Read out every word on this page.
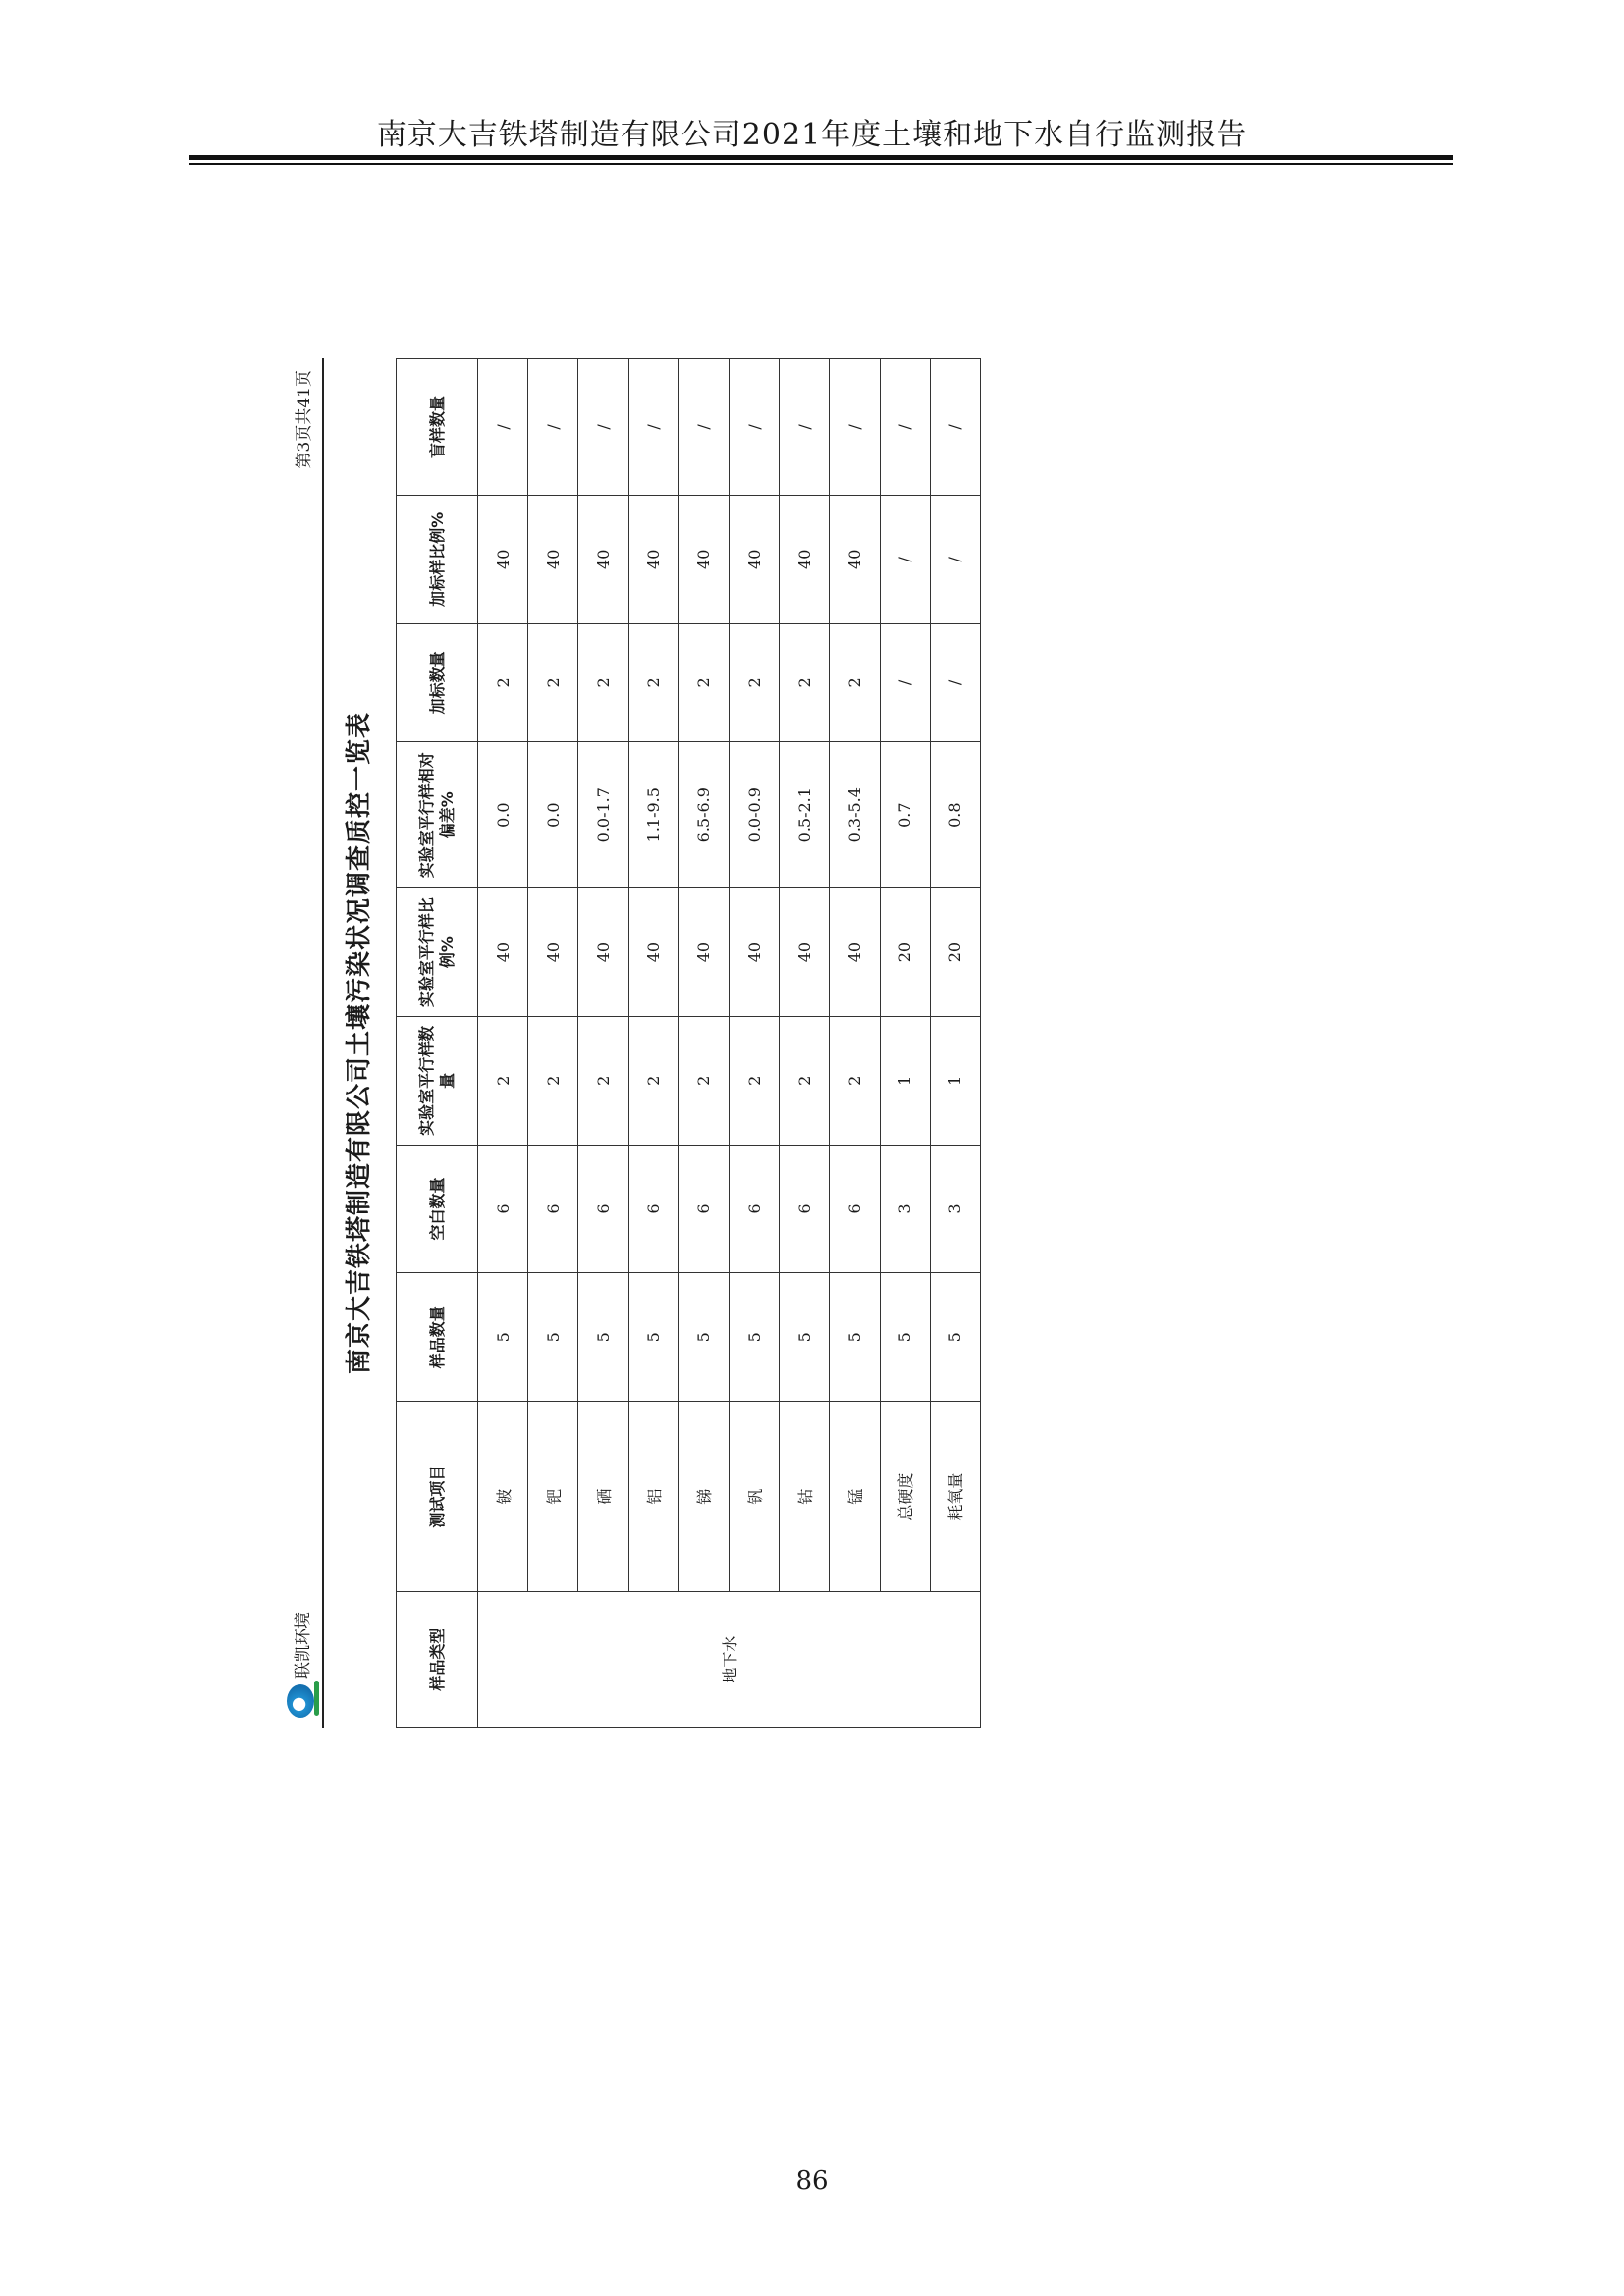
南京大吉铁塔制造有限公司2021年度土壤和地下水自行监测报告
联凯环境
第3页共41页
南京大吉铁塔制造有限公司土壤污染状况调查质控一览表
样品类型	测试项目	样品数量	空白数量	实验室平行样数量	实验室平行样比例%	实验室平行样相对偏差%	加标数量	加标样比例%	盲样数量
地下水	铍	5	6	2	40	0.0	2	40	/
	钯	5	6	2	40	0.0	2	40	/
	硒	5	6	2	40	0.0-1.7	2	40	/
	铝	5	6	2	40	1.1-9.5	2	40	/
	锑	5	6	2	40	6.5-6.9	2	40	/
	钒	5	6	2	40	0.0-0.9	2	40	/
	钴	5	6	2	40	0.5-2.1	2	40	/
	锰	5	6	2	40	0.3-5.4	2	40	/
	总硬度	5	3	1	20	0.7	/	/	/
	耗氧量	5	3	1	20	0.8	/	/	/
86
